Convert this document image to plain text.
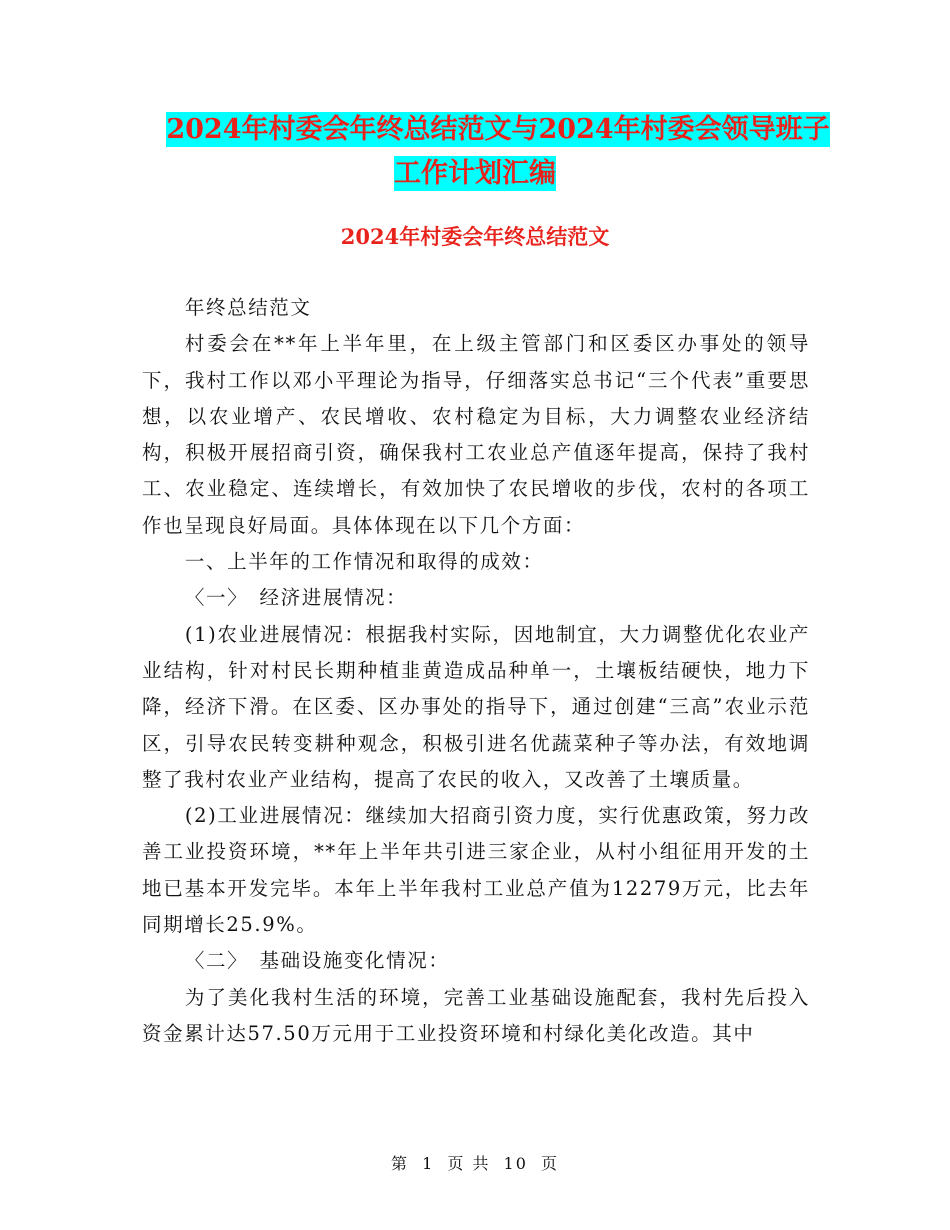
2024年村委会年终总结范文与2024年村委会领导班子
工作计划汇编
2024年村委会年终总结范文

年终总结范文

村委会在**年上半年里，在上级主管部门和区委区办事处的领导下，我村工作以邓小平理论为指导，仔细落实总书记“三个代表”重要思想，以农业增产、农民增收、农村稳定为目标，大力调整农业经济结构，积极开展招商引资，确保我村工农业总产值逐年提高，保持了我村工、农业稳定、连续增长，有效加快了农民增收的步伐，农村的各项工作也呈现良好局面。具体体现在以下几个方面：

一、上半年的工作情况和取得的成效：

〈一〉　经济进展情况：

(1)农业进展情况：根据我村实际，因地制宜，大力调整优化农业产业结构，针对村民长期种植韭黄造成品种单一，土壤板结硬快，地力下降，经济下滑。在区委、区办事处的指导下，通过创建“三高”农业示范区，引导农民转变耕种观念，积极引进名优蔬菜种子等办法，有效地调整了我村农业产业结构，提高了农民的收入，又改善了土壤质量。

(2)工业进展情况：继续加大招商引资力度，实行优惠政策，努力改善工业投资环境，**年上半年共引进三家企业，从村小组征用开发的土地已基本开发完毕。本年上半年我村工业总产值为12279万元，比去年同期增长25.9%。

〈二〉　基础设施变化情况：

为了美化我村生活的环境，完善工业基础设施配套，我村先后投入资金累计达57.50万元用于工业投资环境和村绿化美化改造。其中

第 1 页 共 10 页
